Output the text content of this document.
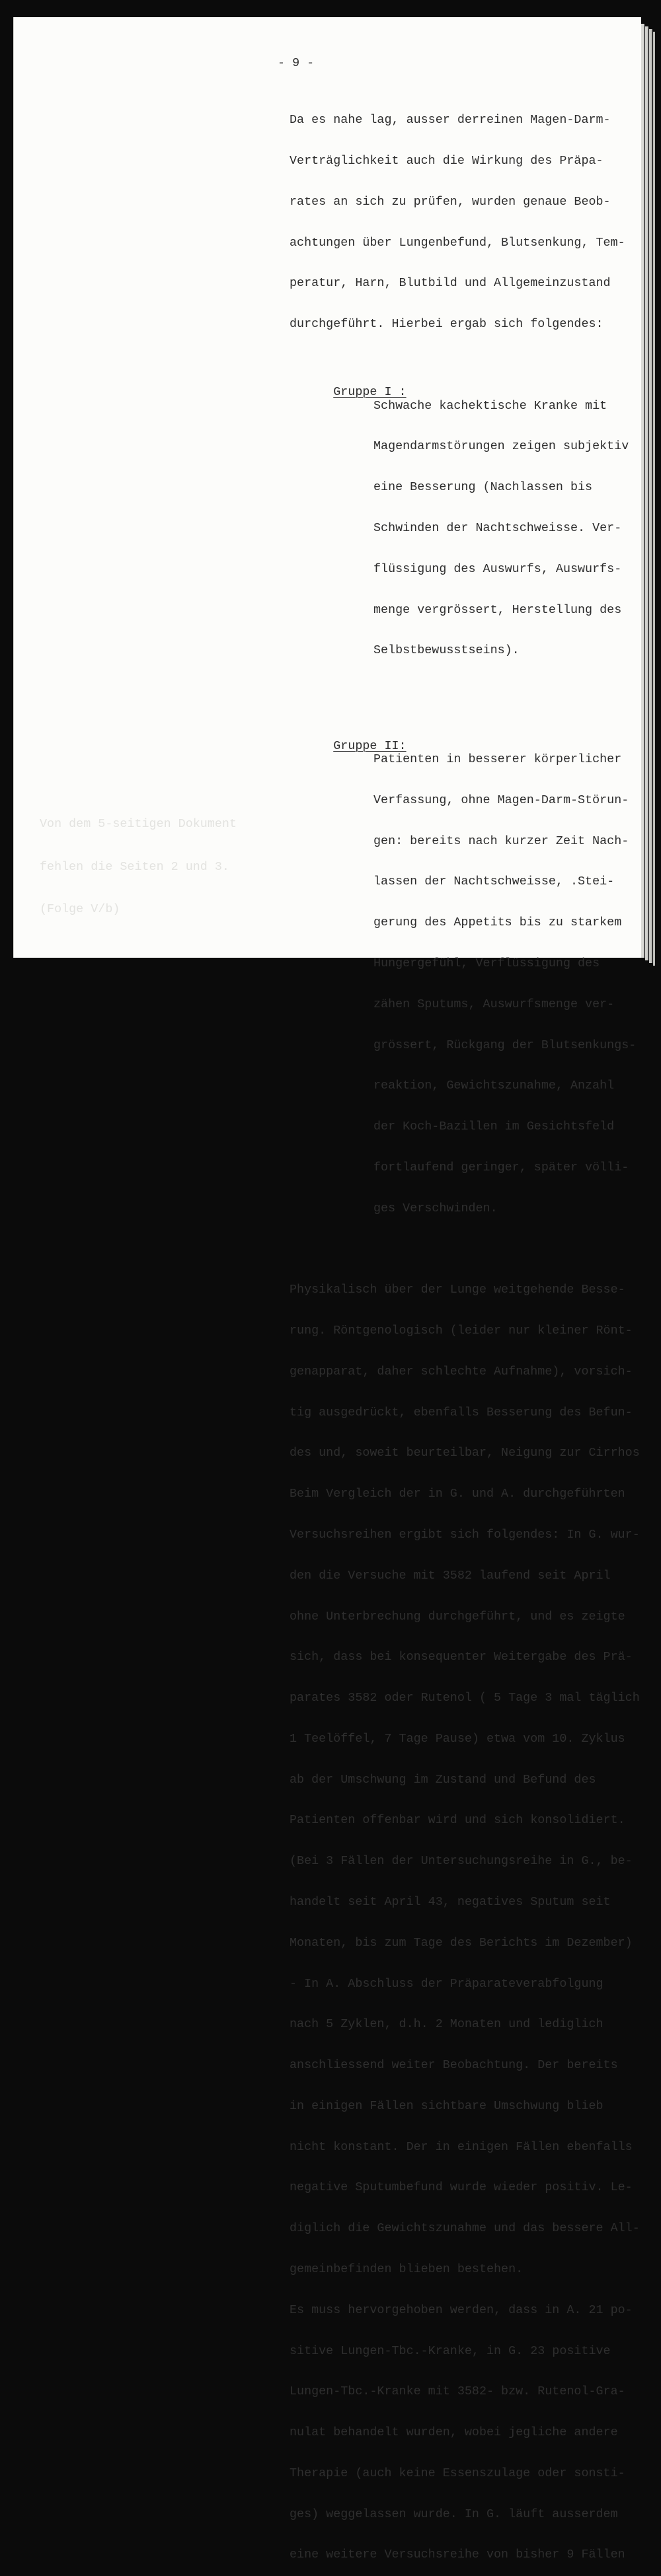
- 9 -

Von dem 5-seitigen Dokument

fehlen die Seiten 2 und 3.

(Folge V/b)

Da es nahe lag, ausser derreinen Magen-Darm-

Verträglichkeit auch die Wirkung des Präpa-

rates an sich zu prüfen, wurden genaue Beob-

achtungen über Lungenbefund, Blutsenkung, Tem-

peratur, Harn, Blutbild und Allgemeinzustand

durchgeführt. Hierbei ergab sich folgendes:

Gruppe I :

Schwache kachektische Kranke mit

Magendarmstörungen zeigen subjektiv

eine Besserung (Nachlassen bis

Schwinden der Nachtschweisse. Ver-

flüssigung des Auswurfs, Auswurfs-

menge vergrössert, Herstellung des

Selbstbewusstseins).

Gruppe II:

Patienten in besserer körperlicher

Verfassung, ohne Magen-Darm-Störun-

gen: bereits nach kurzer Zeit Nach-

lassen der Nachtschweisse, .Stei-

gerung des Appetits bis zu starkem

Hungergefühl, Verflüssigung des

zähen Sputums, Auswurfsmenge ver-

grössert, Rückgang der Blutsenkungs-

reaktion, Gewichtszunahme, Anzahl

der Koch-Bazillen im Gesichtsfeld

fortlaufend geringer, später völli-

ges Verschwinden.

Physikalisch über der Lunge weitgehende Besse-

rung. Röntgenologisch (leider nur kleiner Rönt-

genapparat, daher schlechte Aufnahme), vorsich-

tig ausgedrückt, ebenfalls Besserung des Befun-

des und, soweit beurteilbar, Neigung zur Cirrhos

Beim Vergleich der in G. und A. durchgeführten

Versuchsreihen ergibt sich folgendes: In G. wur-

den die Versuche mit 3582 laufend seit April

ohne Unterbrechung durchgeführt, und es zeigte

sich, dass bei konsequenter Weitergabe des Prä-

parates 3582 oder Rutenol ( 5 Tage 3 mal täglich

1 Teelöffel, 7 Tage Pause) etwa vom 10. Zyklus

ab der Umschwung im Zustand und Befund des

Patienten offenbar wird und sich konsolidiert.

(Bei 3 Fällen der Untersuchungsreihe in G., be-

handelt seit April 43, negatives Sputum seit

Monaten, bis zum Tage des Berichts im Dezember)

- In A. Abschluss der Präparateverabfolgung

nach 5 Zyklen, d.h. 2 Monaten und lediglich

anschliessend weiter Beobachtung. Der bereits

in einigen Fällen sichtbare Umschwung blieb

nicht konstant. Der in einigen Fällen ebenfalls

negative Sputumbefund wurde wieder positiv. Le-

diglich die Gewichtszunahme und das bessere All-

gemeinbefinden blieben bestehen.

Es muss hervorgehoben werden, dass in A. 21 po-

sitive Lungen-Tbc.-Kranke, in G. 23 positive

Lungen-Tbc.-Kranke mit 3582- bzw. Rutenol-Gra-

nulat behandelt wurden, wobei jegliche andere

Therapie (auch keine Essenszulage oder sonsti-

ges) weggelassen wurde. In G. läuft ausserdem

eine weitere Versuchsreihe von bisher 9 Fällen
